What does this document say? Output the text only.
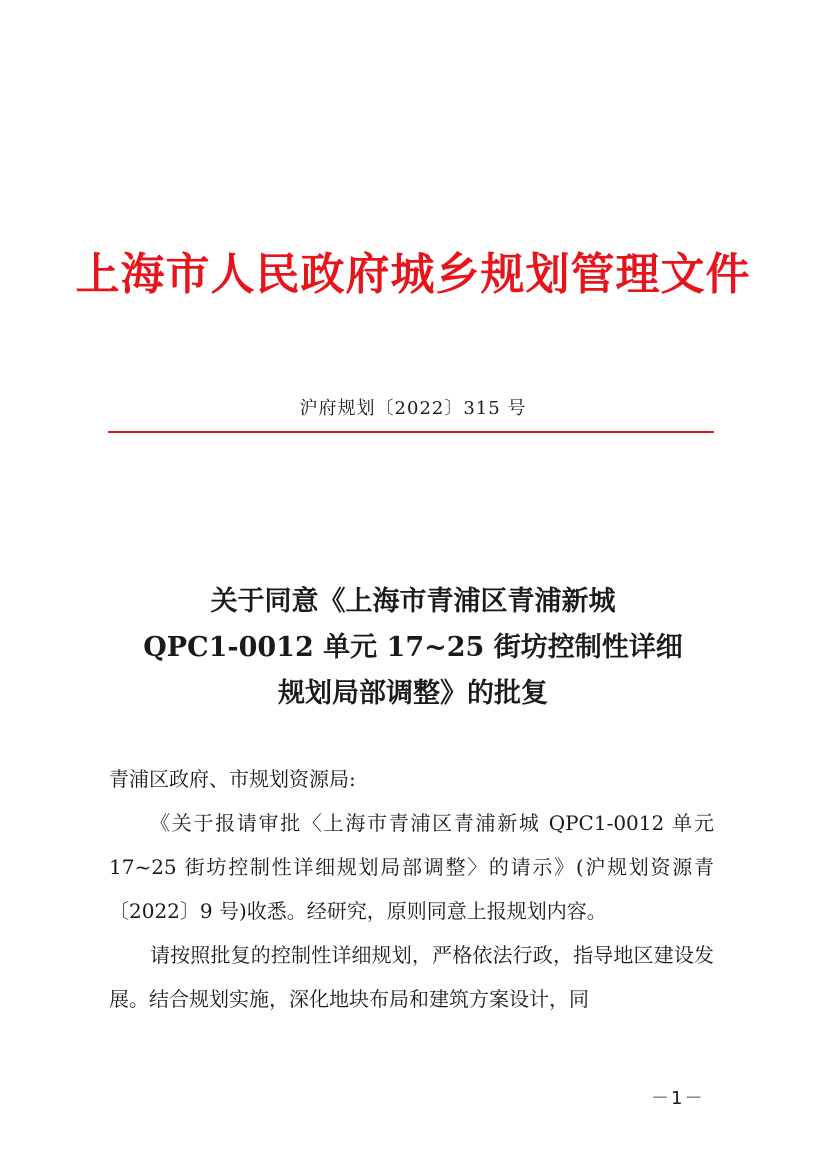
上海市人民政府城乡规划管理文件
沪府规划〔2022〕315 号
关于同意《上海市青浦区青浦新城
QPC1-0012 单元 17~25 街坊控制性详细
规划局部调整》的批复

青浦区政府、市规划资源局:

《关于报请审批〈上海市青浦区青浦新城 QPC1-0012 单元 17~25 街坊控制性详细规划局部调整〉的请示》(沪规划资源青〔2022〕9 号)收悉。经研究，原则同意上报规划内容。

请按照批复的控制性详细规划，严格依法行政，指导地区建设发展。结合规划实施，深化地块布局和建筑方案设计，同

－1－
